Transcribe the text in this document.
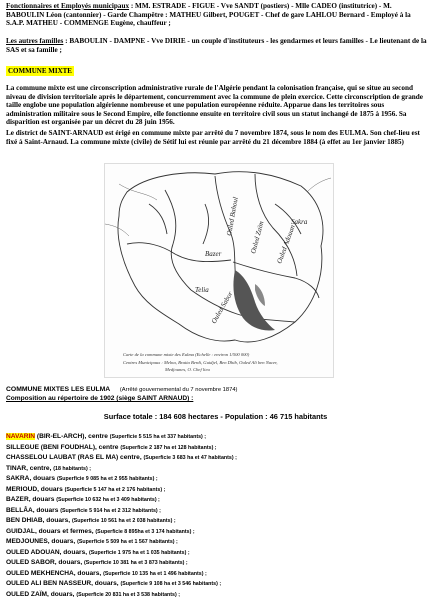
Fonctionnaires et Employés municipaux : MM. ESTRADE - FIGUE - Vve SANDT (postiers) - Mlle CADEO (institutrice) - M. BABOULIN Léon (cantonnier) - Garde Champêtre : MATHEU Gilbert, POUGET - Chef de gare LAHLOU Bernard - Employé à la S.A.P. MATHEU - COMMENGE Eugène, chauffeur ;
Les autres familles : BABOULIN - DAMPNE - Vve DIRIE - un couple d'instituteurs - les gendarmes et leurs familles - Le lieutenant de la SAS et sa famille ;
COMMUNE MIXTE
La commune mixte est une circonscription administrative rurale de l'Algérie pendant la colonisation française, qui se situe au second niveau de division territoriale après le département, concurremment avec la commune de plein exercice. Cette circonscription de grande taille englobe une population algérienne nombreuse et une population européenne réduite. Apparue dans les territoires sous administration militaire sous le Second Empire, elle fonctionne ensuite en territoire civil sous un statut inchangé de 1875 à 1956. Sa disparition est organisée par un décret du 28 juin 1956.
Le district de SAINT-ARNAUD est érigé en commune mixte par arrêté du 7 novembre 1874, sous le nom des EULMA. Son chef-lieu est fixé à Saint-Arnaud. La commune mixte (civile) de Sétif lui est réunie par arrêté du 21 décembre 1884 (à effet au 1er janvier 1885)
Bazer	Ouled Zaïm
Ouled Bahoul
Telia
Ouled Sabor
Ouled Adouan
Sakra
Carte de la commune mixte des Eulma (Echelle : environ 1/500 000)
Centres Municipaux : Melna, Bratia Berdi, Guidjel, Ben Dhib, Ouled Ali ben Nacer,
Medjounes, O. Chef lieu
COMMUNE MIXTES LES EULMA (Arrêté gouvernemental du 7 novembre 1874)
Composition au répertoire de 1902 (siège SAINT ARNAUD) :
Surface totale : 184 608 hectares - Population : 46 715 habitants
NAVARIN (BIR-EL-ARCH), centre (Superficie 5 515 ha et 337 habitants) ;
SILLEGUE (BENI FOUDHAL), centre (Superficie 2 187 ha et 128 habitants) ;
CHASSELOU LAUBAT (RAS EL MA) centre, (Superficie 3 683 ha et 47 habitants) ;
TINAR, centre, (18 habitants) ;
SAKRA, douars (Superficie 9 085 ha et 2 955 habitants) ;
MERIOUD, douars (Superficie 5 147 ha et 2 176 habitants) ;
BAZER, douars (Superficie 10 632 ha et 3 409 habitants) ;
BELLÂA, douars (Superficie 5 914 ha et 2 312 habitants) ;
BEN DHIAB, douars, (Superficie 10 561 ha et 2 038 habitants) ;
GUIDJAL, douars et fermes, (Superficie 8 895ha et 3 174 habitants) ;
MEDJOUNES, douars, (Superficie 5 509 ha et 1 567 habitants) ;
OULED ADOUAN, douars, (Superficie 1 975 ha et 1 035 habitants) ;
OULED SABOR, douars, (Superficie 10 381 ha et 3 873 habitants) ;
OULED MEKHENCHA, douars, (Superficie 10 135 ha et 1 496 habitants) ;
OULED ALI BEN NASSEUR, douars, (Superficie 9 108 ha et 3 546 habitants) ;
OULED ZAÏM, douars, (Superficie 20 831 ha et 3 538 habitants) ;
